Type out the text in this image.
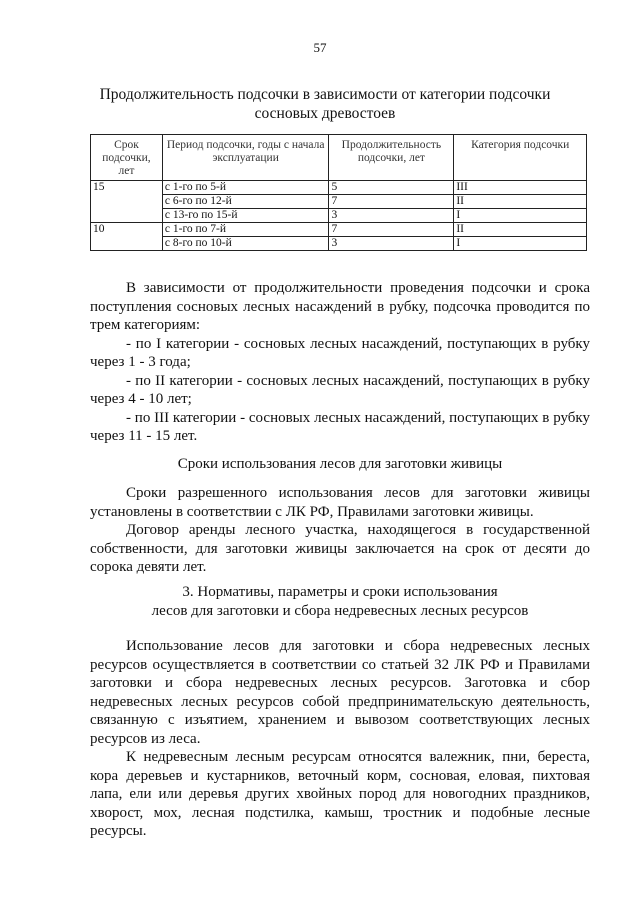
57
Продолжительность подсочки в зависимости от категории подсочки сосновых древостоев
Срок подсочки, лет	Период подсочки, годы с начала эксплуатации	Продолжительность подсочки, лет	Категория подсочки
15	с 1-го по 5-й	5	III
	с 6-го по 12-й	7	II
	с 13-го по 15-й	3	I
10	с 1-го по 7-й	7	II
	с 8-го по 10-й	3	I
В зависимости от продолжительности проведения подсочки и срока поступления сосновых лесных насаждений в рубку, подсочка проводится по трем категориям:
- по I категории - сосновых лесных насаждений, поступающих в рубку через 1 - 3 года;
- по II категории - сосновых лесных насаждений, поступающих в рубку через 4 - 10 лет;
- по III категории - сосновых лесных насаждений, поступающих в рубку через 11 - 15 лет.
Сроки использования лесов для заготовки живицы
Сроки разрешенного использования лесов для заготовки живицы установлены в соответствии с ЛК РФ, Правилами заготовки живицы.
Договор аренды лесного участка, находящегося в государственной собственности, для заготовки живицы заключается на срок от десяти до сорока девяти лет.
3. Нормативы, параметры и сроки использования
лесов для заготовки и сбора недревесных лесных ресурсов
Использование лесов для заготовки и сбора недревесных лесных ресурсов осуществляется в соответствии со статьей 32 ЛК РФ и Правилами заготовки и сбора недревесных лесных ресурсов. Заготовка и сбор недревесных лесных ресурсов собой предпринимательскую деятельность, связанную с изъятием, хранением и вывозом соответствующих лесных ресурсов из леса.
К недревесным лесным ресурсам относятся валежник, пни, береста, кора деревьев и кустарников, веточный корм, сосновая, еловая, пихтовая лапа, ели или деревья других хвойных пород для новогодних праздников, хворост, мох, лесная подстилка, камыш, тростник и подобные лесные ресурсы.
